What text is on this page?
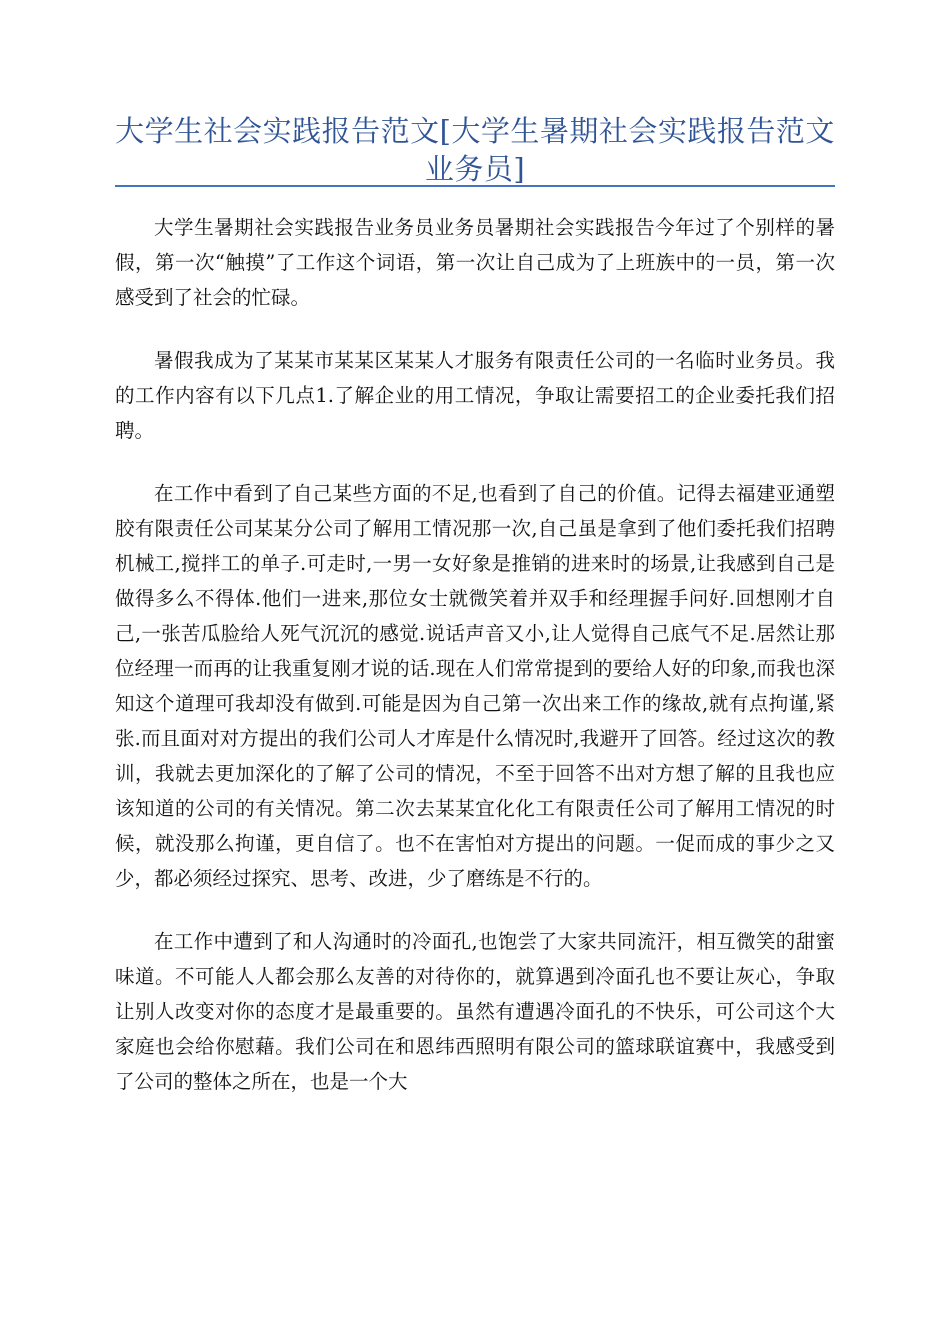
大学生社会实践报告范文[大学生暑期社会实践报告范文业务员]

大学生暑期社会实践报告业务员业务员暑期社会实践报告今年过了个别样的暑假，第一次“触摸”了工作这个词语，第一次让自己成为了上班族中的一员，第一次感受到了社会的忙碌。

暑假我成为了某某市某某区某某人才服务有限责任公司的一名临时业务员。我的工作内容有以下几点1.了解企业的用工情况，争取让需要招工的企业委托我们招聘。

在工作中看到了自己某些方面的不足,也看到了自己的价值。记得去福建亚通塑胶有限责任公司某某分公司了解用工情况那一次,自己虽是拿到了他们委托我们招聘机械工,搅拌工的单子.可走时,一男一女好象是推销的进来时的场景,让我感到自己是做得多么不得体.他们一进来,那位女士就微笑着并双手和经理握手问好.回想刚才自己,一张苦瓜脸给人死气沉沉的感觉.说话声音又小,让人觉得自己底气不足.居然让那位经理一而再的让我重复刚才说的话.现在人们常常提到的要给人好的印象,而我也深知这个道理可我却没有做到.可能是因为自己第一次出来工作的缘故,就有点拘谨,紧张.而且面对对方提出的我们公司人才库是什么情况时,我避开了回答。经过这次的教训，我就去更加深化的了解了公司的情况，不至于回答不出对方想了解的且我也应该知道的公司的有关情况。第二次去某某宜化化工有限责任公司了解用工情况的时候，就没那么拘谨，更自信了。也不在害怕对方提出的问题。一促而成的事少之又少，都必须经过探究、思考、改进，少了磨练是不行的。

在工作中遭到了和人沟通时的冷面孔,也饱尝了大家共同流汗，相互微笑的甜蜜味道。不可能人人都会那么友善的对待你的，就算遇到冷面孔也不要让灰心，争取让别人改变对你的态度才是最重要的。虽然有遭遇冷面孔的不快乐，可公司这个大家庭也会给你慰藉。我们公司在和恩纬西照明有限公司的篮球联谊赛中，我感受到了公司的整体之所在，也是一个大
